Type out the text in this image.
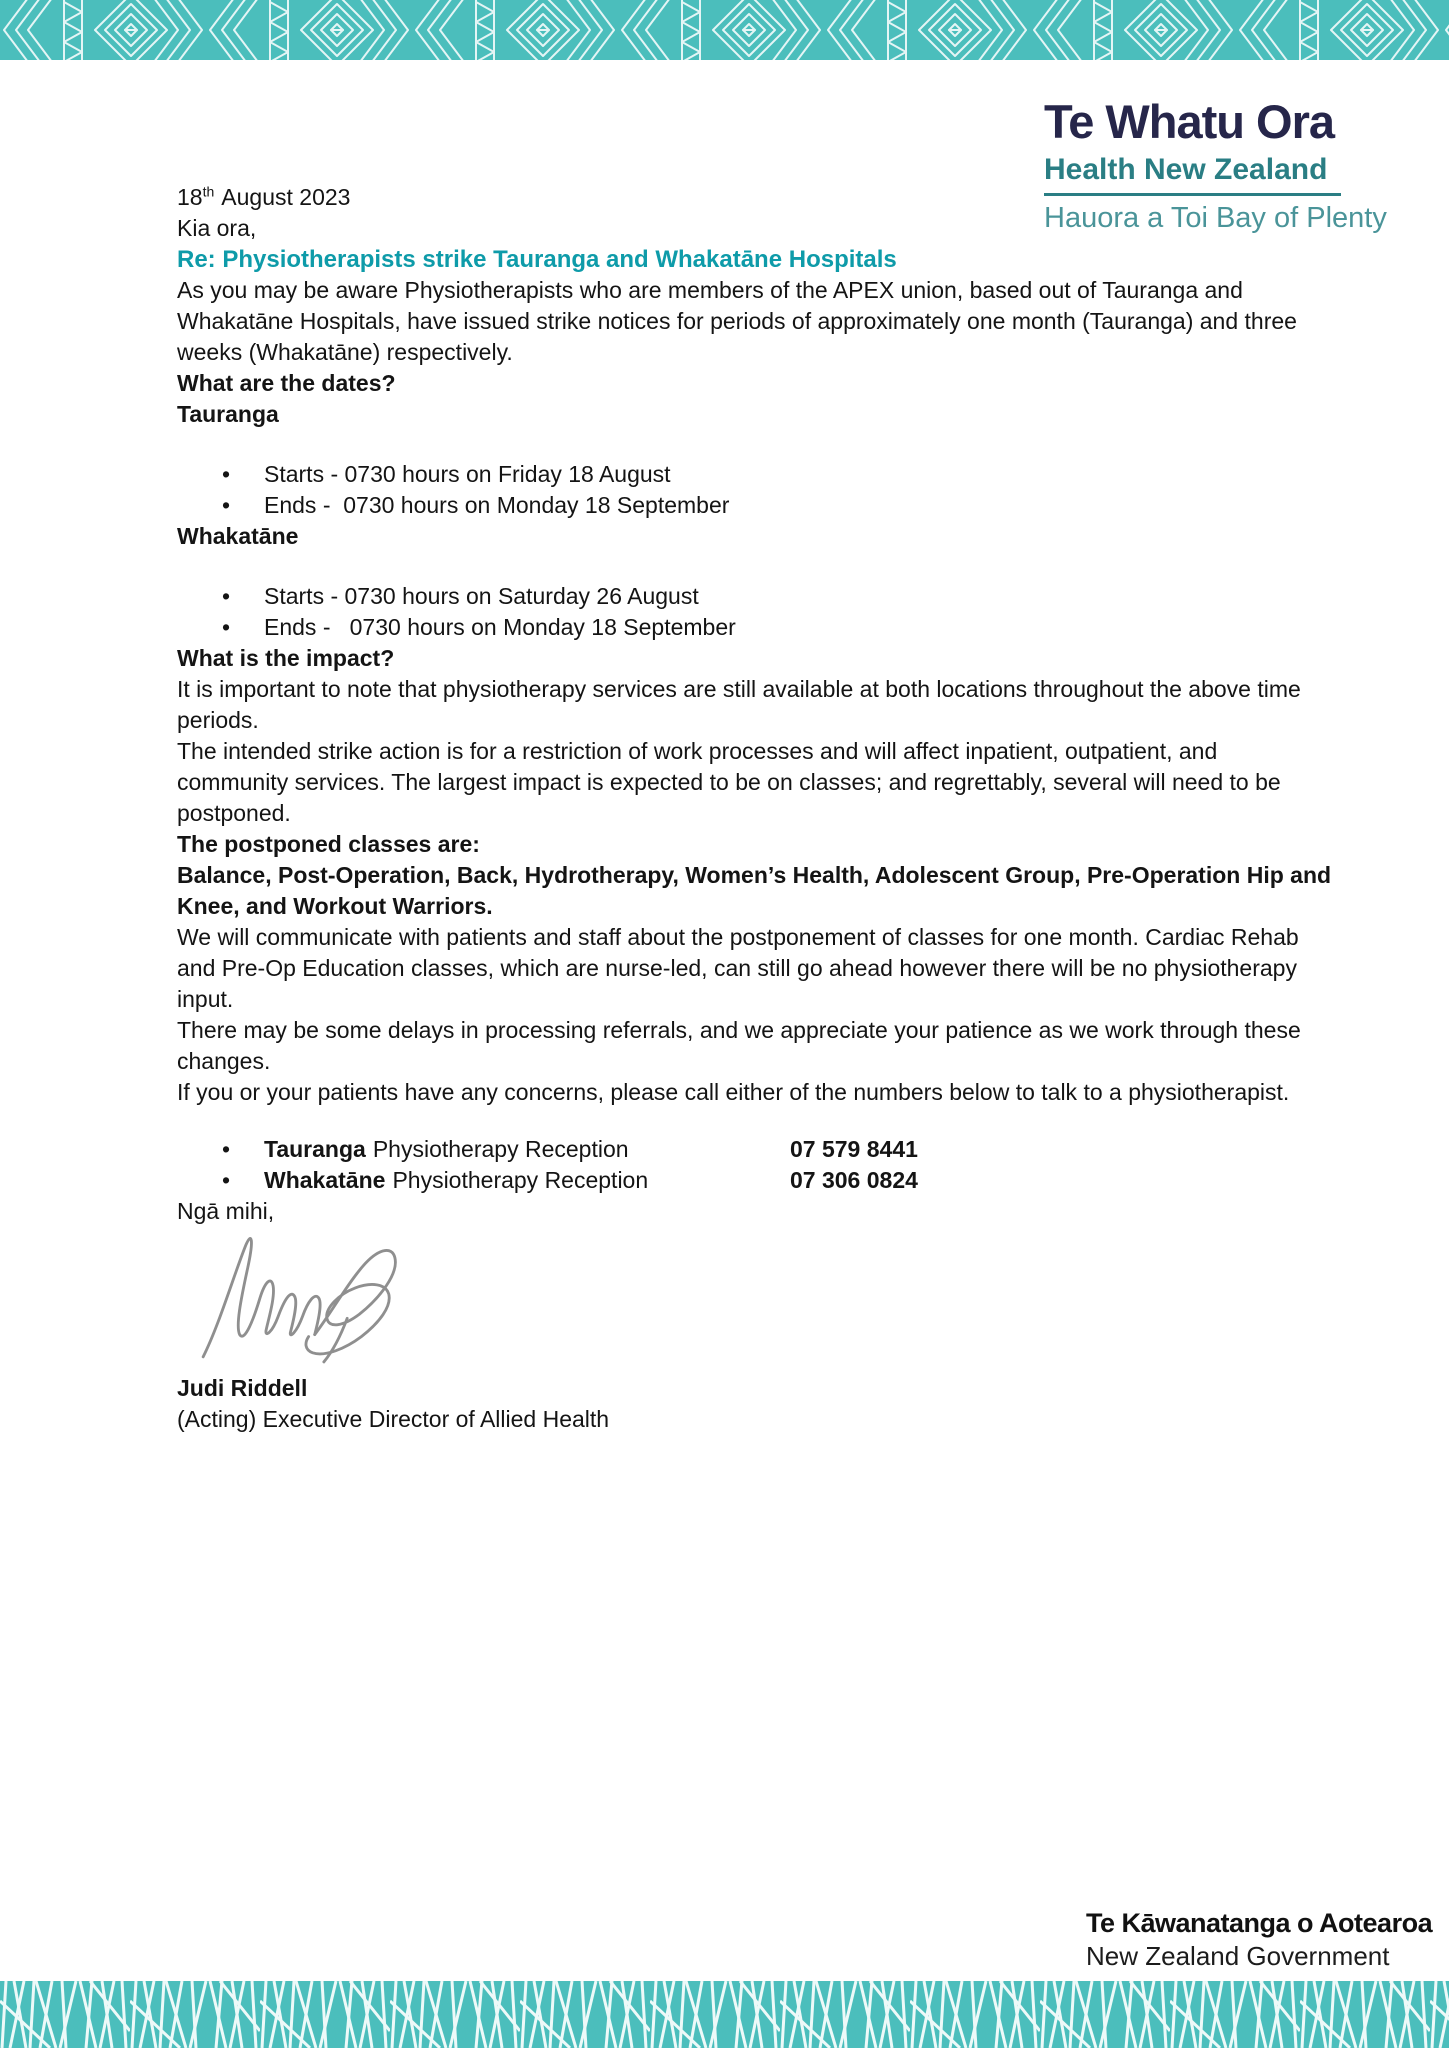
Te Whatu Ora
Health New Zealand
Hauora a Toi Bay of Plenty

18th August 2023

Kia ora,

Re: Physiotherapists strike Tauranga and Whakatāne Hospitals

As you may be aware Physiotherapists who are members of the APEX union, based out of Tauranga and Whakatāne Hospitals, have issued strike notices for periods of approximately one month (Tauranga) and three weeks (Whakatāne) respectively.

What are the dates?

Tauranga

• Starts - 0730 hours on Friday 18 August
• Ends -  0730 hours on Monday 18 September

Whakatāne

• Starts - 0730 hours on Saturday 26 August
• Ends -   0730 hours on Monday 18 September

What is the impact?

It is important to note that physiotherapy services are still available at both locations throughout the above time periods.

The intended strike action is for a restriction of work processes and will affect inpatient, outpatient, and community services. The largest impact is expected to be on classes; and regrettably, several will need to be postponed.

The postponed classes are:

Balance, Post-Operation, Back, Hydrotherapy, Women’s Health, Adolescent Group, Pre-Operation Hip and Knee, and Workout Warriors.

We will communicate with patients and staff about the postponement of classes for one month. Cardiac Rehab and Pre-Op Education classes, which are nurse-led, can still go ahead however there will be no physiotherapy input.

There may be some delays in processing referrals, and we appreciate your patience as we work through these changes.

If you or your patients have any concerns, please call either of the numbers below to talk to a physiotherapist.

• Tauranga Physiotherapy Reception	07 579 8441
• Whakatāne Physiotherapy Reception	07 306 0824

Ngā mihi,

Judi Riddell

(Acting) Executive Director of Allied Health

Te Kāwanatanga o Aotearoa
New Zealand Government
